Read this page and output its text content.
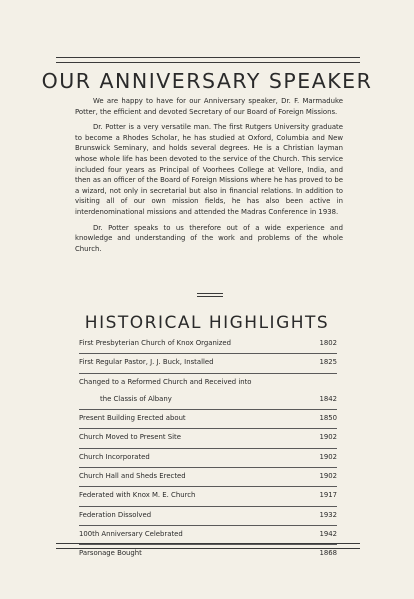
OUR ANNIVERSARY SPEAKER

We are happy to have for our Anniversary speaker, Dr. F. Marmaduke Potter, the efficient and devoted Secretary of our Board of Foreign Missions.

Dr. Potter is a very versatile man. The first Rutgers University graduate to become a Rhodes Scholar, he has studied at Oxford, Columbia and New Brunswick Seminary, and holds several degrees. He is a Christian layman whose whole life has been devoted to the service of the Church. This service included four years as Principal of Voorhees College at Vellore, India, and then as an officer of the Board of Foreign Missions where he has proved to be a wizard, not only in secretarial but also in financial relations. In addition to visiting all of our own mission fields, he has also been active in interdenominational missions and attended the Madras Conference in 1938.

Dr. Potter speaks to us therefore out of a wide experience and knowledge and understanding of the work and problems of the whole Church.

HISTORICAL HIGHLIGHTS
First Presbyterian Church of Knox Organized	1802
First Regular Pastor, J. J. Buck, Installed	1825
Changed to a Reformed Church and Received into
the Classis of Albany	1842
Present Building Erected about	1850
Church Moved to Present Site	1902
Church Incorporated	1902
Church Hall and Sheds Erected	1902
Federated with Knox M. E. Church	1917
Federation Dissolved	1932
100th Anniversary Celebrated	1942
Parsonage Bought	1868
